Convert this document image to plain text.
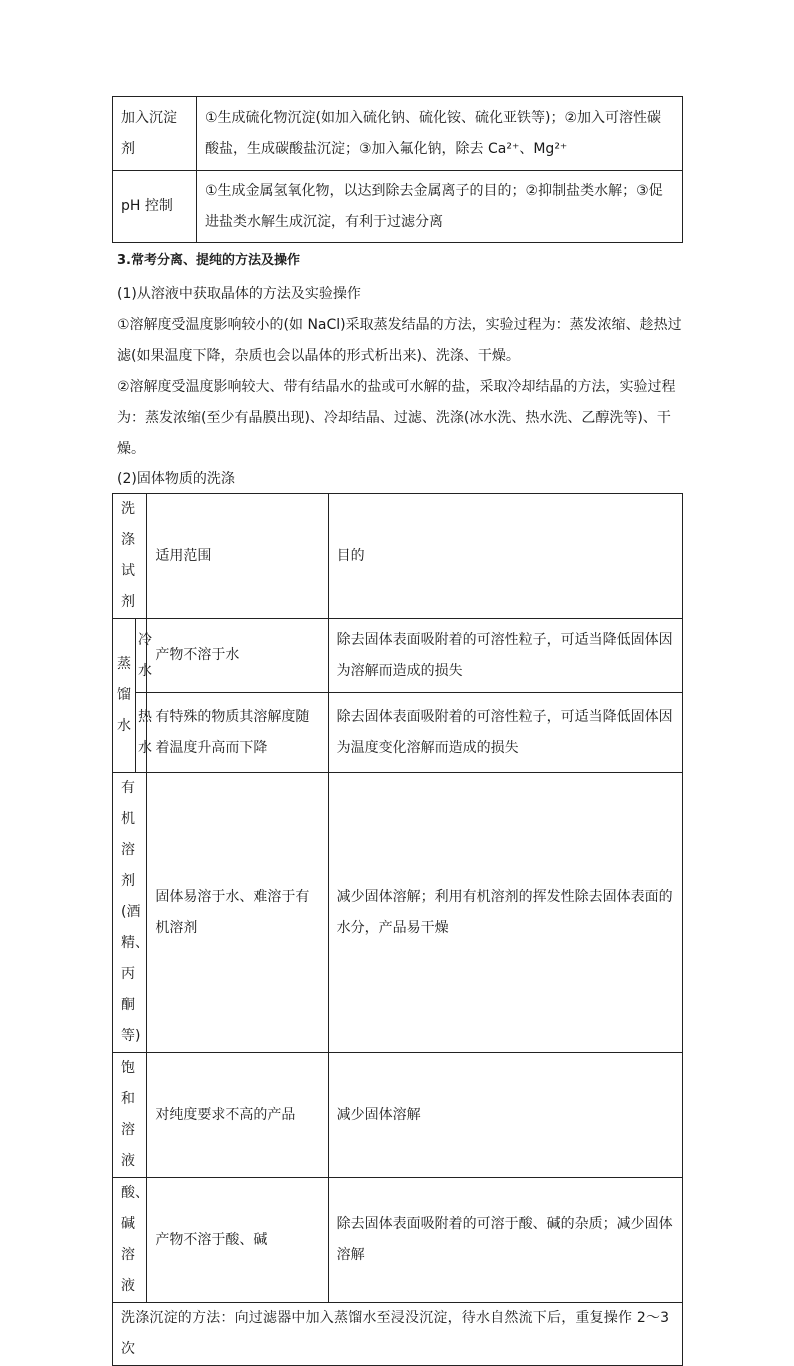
加入沉淀剂	①生成硫化物沉淀(如加入硫化钠、硫化铵、硫化亚铁等)；②加入可溶性碳酸盐，生成碳酸盐沉淀；③加入氟化钠，除去 Ca²⁺、Mg²⁺
pH 控制	①生成金属氢氧化物，以达到除去金属离子的目的；②抑制盐类水解；③促进盐类水解生成沉淀，有利于过滤分离
3.常考分离、提纯的方法及操作

(1)从溶液中获取晶体的方法及实验操作

①溶解度受温度影响较小的(如 NaCl)采取蒸发结晶的方法，实验过程为：蒸发浓缩、趁热过滤(如果温度下降，杂质也会以晶体的形式析出来)、洗涤、干燥。

②溶解度受温度影响较大、带有结晶水的盐或可水解的盐，采取冷却结晶的方法，实验过程为：蒸发浓缩(至少有晶膜出现)、冷却结晶、过滤、洗涤(冰水洗、热水洗、乙醇洗等)、干燥。

(2)固体物质的洗涤

洗涤试剂		适用范围	目的
蒸馏水	冷水	产物不溶于水	除去固体表面吸附着的可溶性粒子，可适当降低固体因为溶解而造成的损失
	热水	有特殊的物质其溶解度随着温度升高而下降	除去固体表面吸附着的可溶性粒子，可适当降低固体因为温度变化溶解而造成的损失
有机溶剂(酒精、丙酮等)		固体易溶于水、难溶于有机溶剂	减少固体溶解；利用有机溶剂的挥发性除去固体表面的水分，产品易干燥
饱和溶液		对纯度要求不高的产品	减少固体溶解
酸、碱溶液		产物不溶于酸、碱	除去固体表面吸附着的可溶于酸、碱的杂质；减少固体溶解
洗涤沉淀的方法：向过滤器中加入蒸馏水至浸没沉淀，待水自然流下后，重复操作 2～3次			
